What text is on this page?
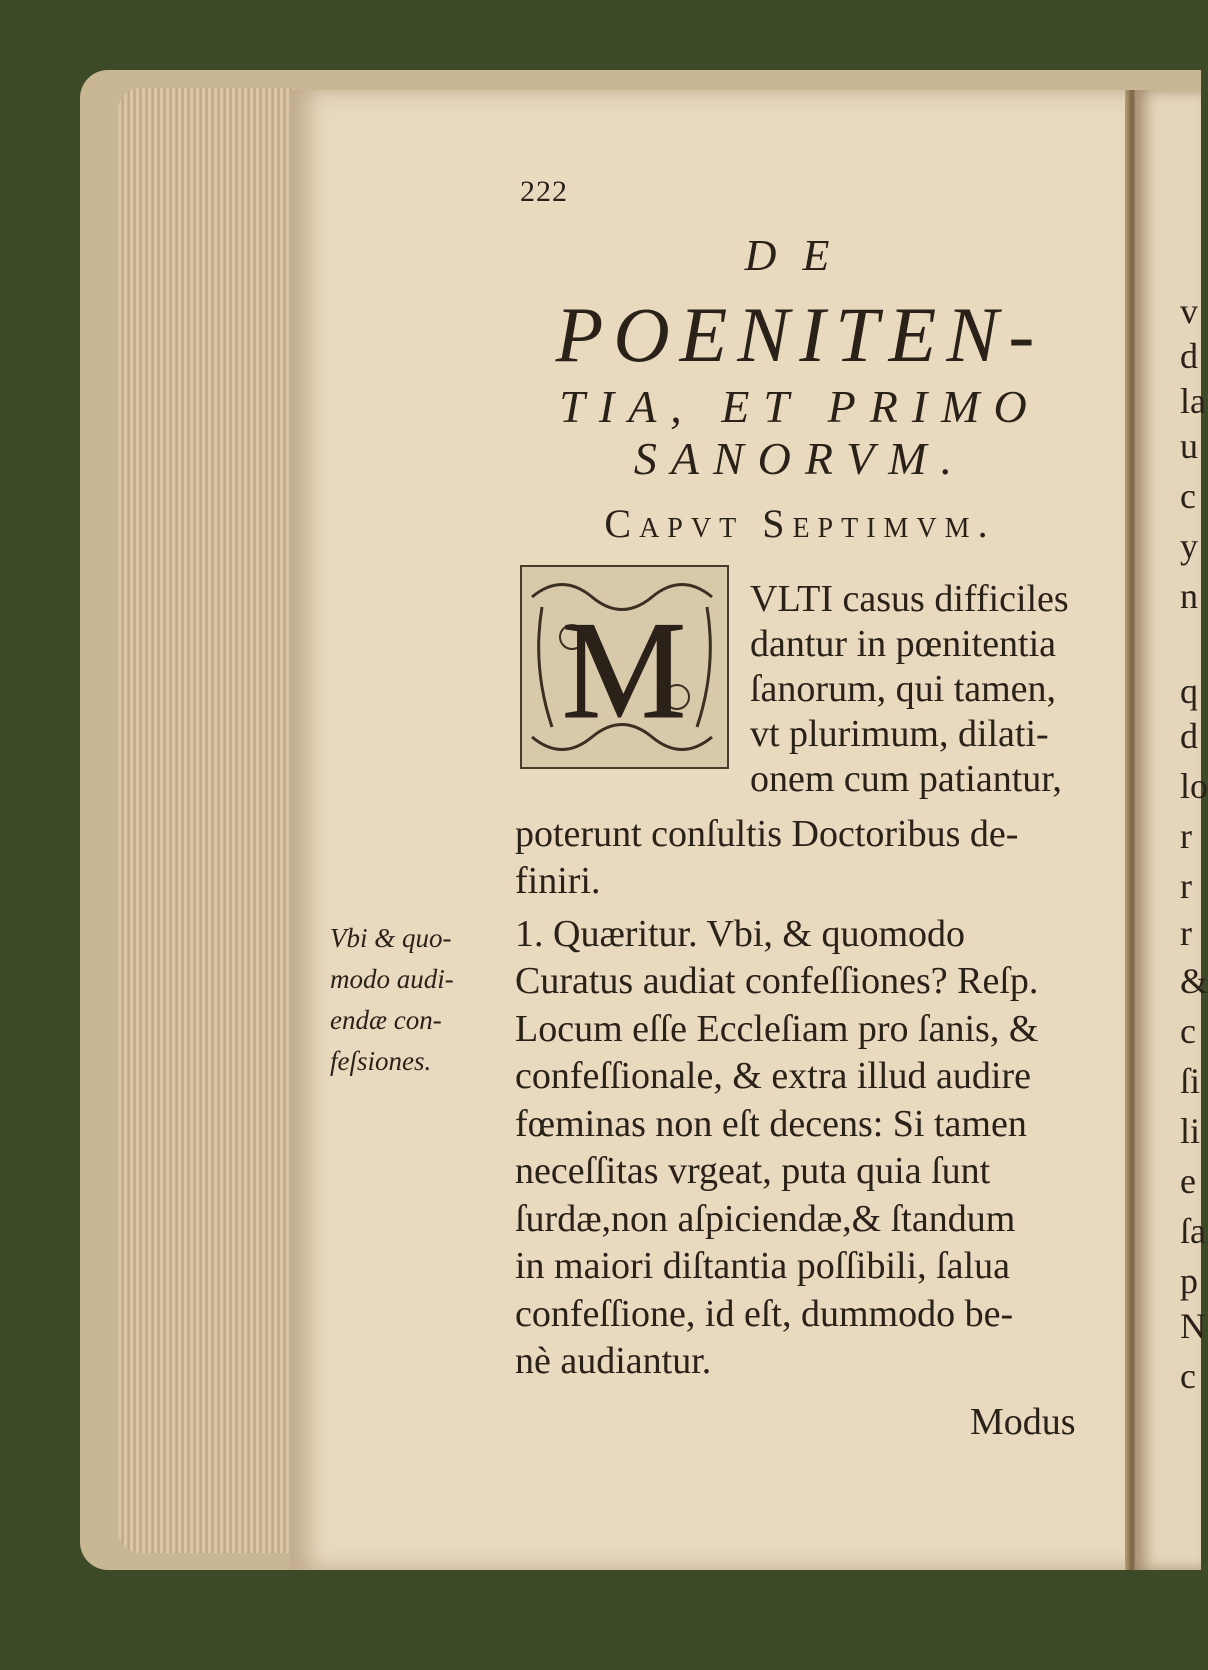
222
DE
POENITEN-
TIA, ET PRIMO
SANORVM.
Capvt Septimvm.
M VLTI casus difficiles
dantur in pœnitentia
ſanorum, qui tamen,
vt plurimum, dilati-
onem cum patiantur,
poterunt conſultis Doctoribus de-
finiri.
1. Quæritur. Vbi, & quomodo
Curatus audiat confeſſiones? Reſp.
Locum eſſe Eccleſiam pro ſanis, &
confeſſionale, & extra illud audire
fœminas non eſt decens: Si tamen
neceſſitas vrgeat, puta quia ſunt
ſurdæ,non aſpiciendæ,& ſtandum
in maiori diſtantia poſſibili, ſalua
confeſſione, id eſt, dummodo be-
nè audiantur.
Vbi & quo-
modo audi-
endæ con-
feſsiones.
Modus
v
d
la
u
c
y
n
q
d
lo
r
r
r
&
c
ſi
li
e
ſa
p
N
c
